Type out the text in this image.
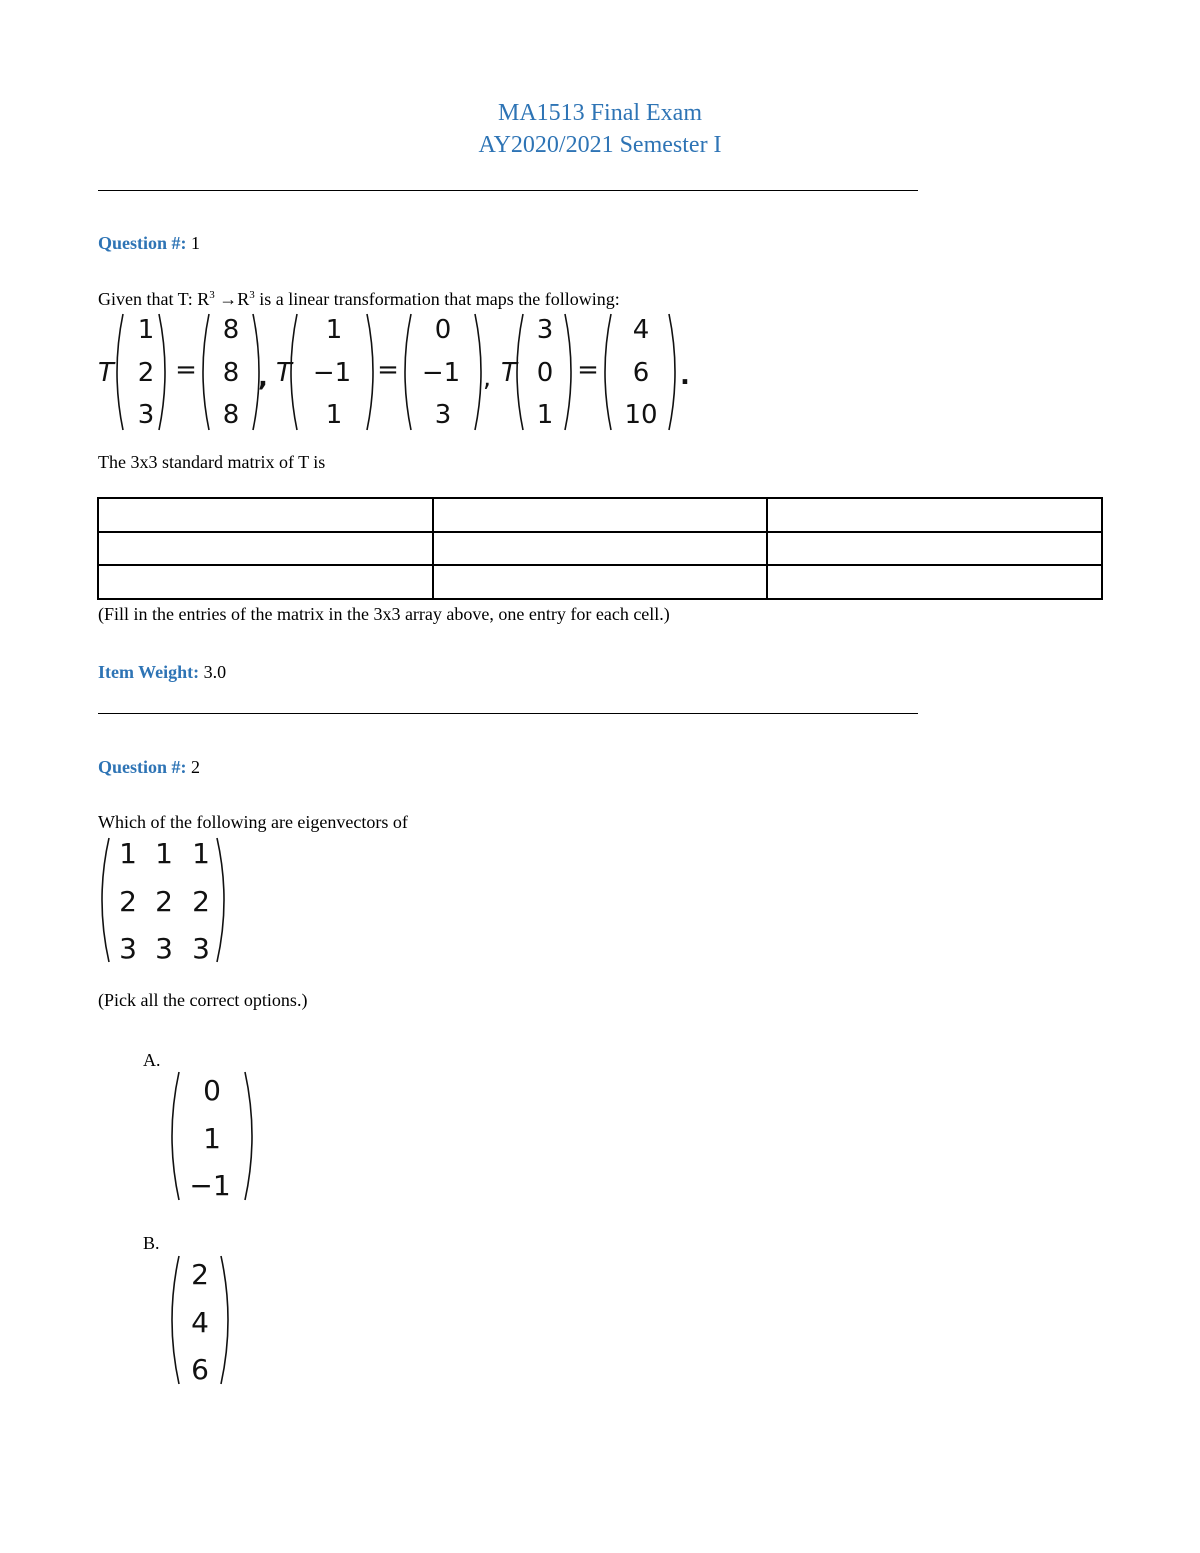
MA1513 Final Exam
AY2020/2021 Semester I
Question #: 1
Given that T: $R^3 \to R^3$ is a linear transformation that maps the following:
T = , T	=	, T =	.
1
2
3
8
8
8
1
−1
1
0
−1
3
3
0
1
4
6
10
The 3x3 standard matrix of T is

(Fill in the entries of the matrix in the 3x3 array above, one entry for each cell.)
Item Weight: 3.0
Question #: 2
Which of the following are eigenvectors of
1 1 1
2 2 2
3 3 3
(Pick all the correct options.)
A.
0
1
−1
B.
2
4
6
